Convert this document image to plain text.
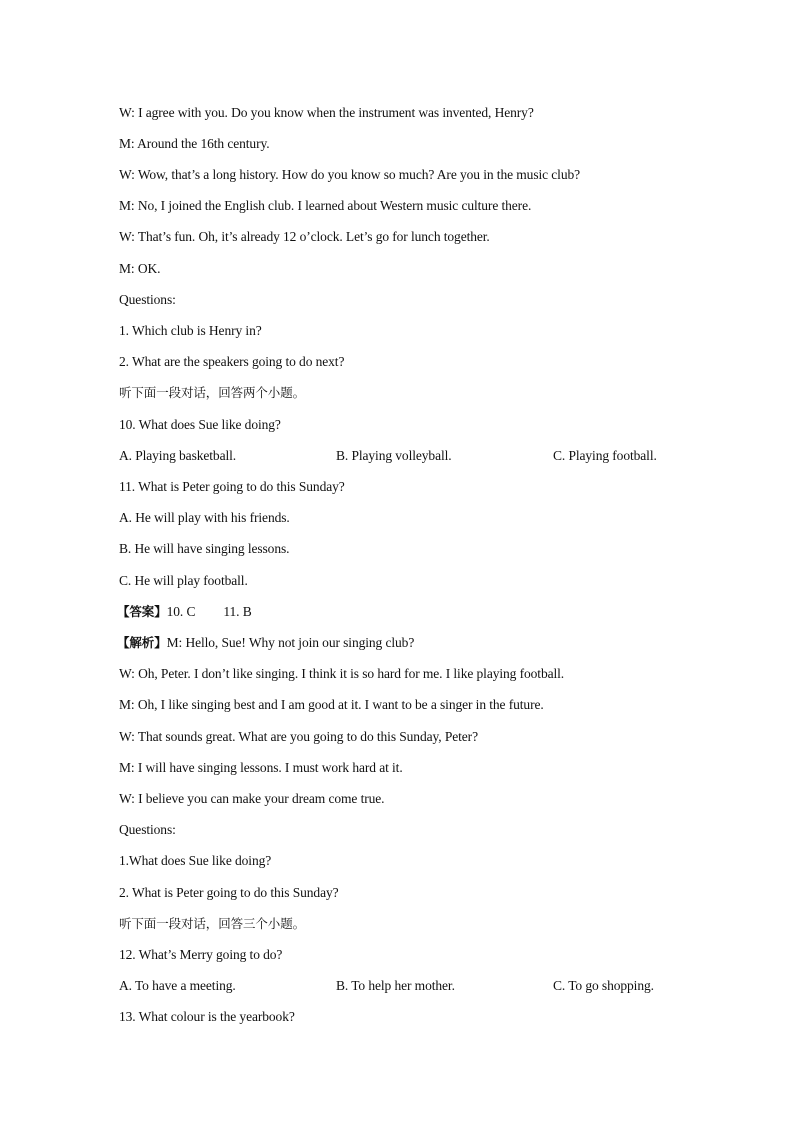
W: I agree with you. Do you know when the instrument was invented, Henry?
M: Around the 16th century.
W: Wow, that’s a long history. How do you know so much? Are you in the music club?
M: No, I joined the English club. I learned about Western music culture there.
W: That’s fun. Oh, it’s already 12 o’clock. Let’s go for lunch together.
M: OK.
Questions:
1. Which club is Henry in?
2. What are the speakers going to do next?
听下面一段对话，回答两个小题。
10. What does Sue like doing?
A. Playing basketball.	B. Playing volleyball.	C. Playing football.
11. What is Peter going to do this Sunday?
A. He will play with his friends.
B. He will have singing lessons.
C. He will play football.
【答案】10. C 11. B
【解析】M: Hello, Sue! Why not join our singing club?
W: Oh, Peter. I don’t like singing. I think it is so hard for me. I like playing football.
M: Oh, I like singing best and I am good at it. I want to be a singer in the future.
W: That sounds great. What are you going to do this Sunday, Peter?
M: I will have singing lessons. I must work hard at it.
W: I believe you can make your dream come true.
Questions:
1.What does Sue like doing?
2. What is Peter going to do this Sunday?
听下面一段对话，回答三个小题。
12. What’s Merry going to do?
A. To have a meeting.	B. To help her mother.	C. To go shopping.
13. What colour is the yearbook?
